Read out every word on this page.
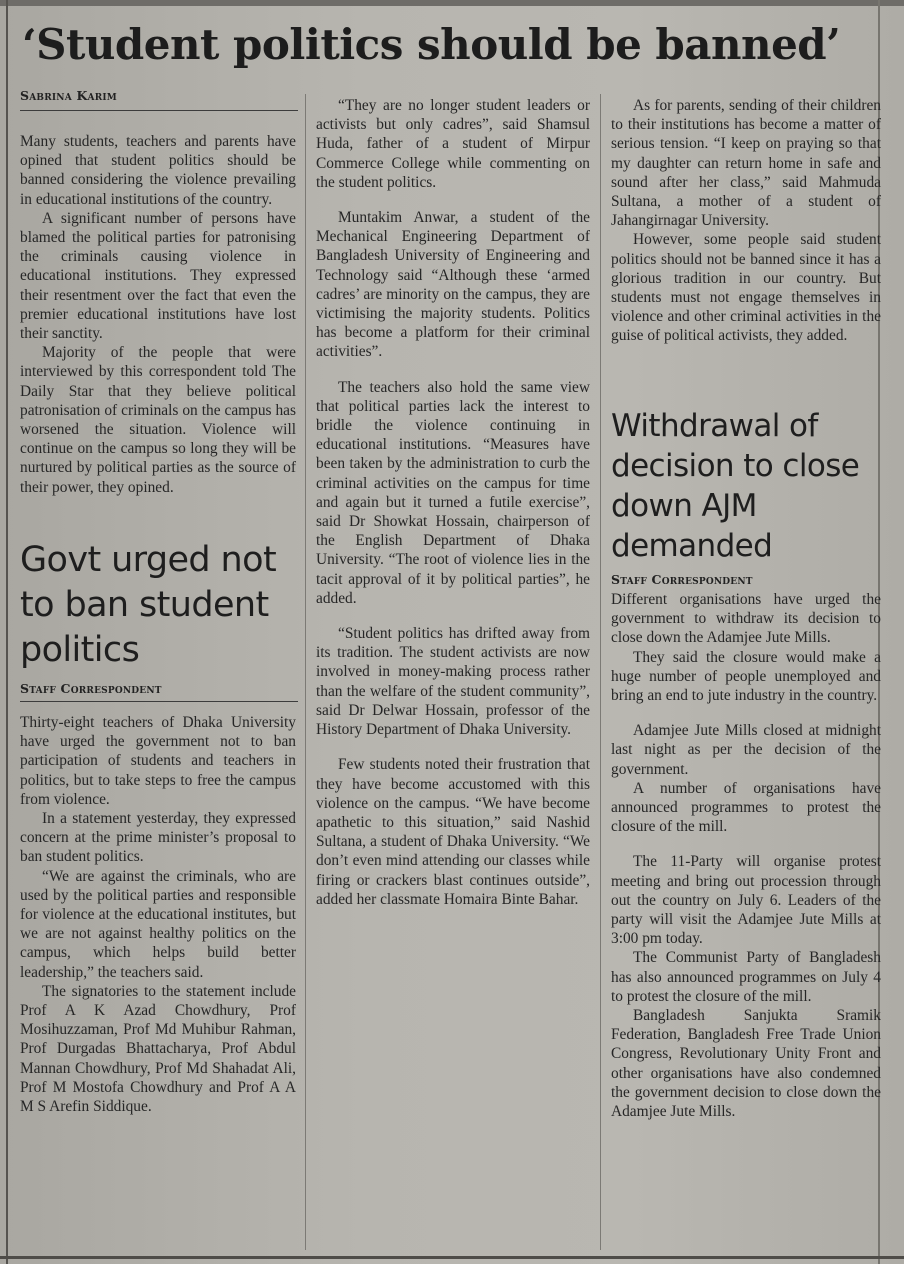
‘Student politics should be banned’
Sabrina Karim

Many students, teachers and parents have opined that student politics should be banned considering the violence prevailing in educational institutions of the country.

A significant number of persons have blamed the political parties for patronising the criminals causing violence in educational institutions. They expressed their resentment over the fact that even the premier educational institutions have lost their sanctity.

Majority of the people that were interviewed by this correspondent told The Daily Star that they believe political patronisation of criminals on the campus has worsened the situation. Violence will continue on the campus so long they will be nurtured by political parties as the source of their power, they opined.

“They are no longer student leaders or activists but only cadres”, said Shamsul Huda, father of a student of Mirpur Commerce College while commenting on the student politics.

Muntakim Anwar, a student of the Mechanical Engineering Department of Bangladesh University of Engineering and Technology said “Although these ‘armed cadres’ are minority on the campus, they are victimising the majority students. Politics has become a platform for their criminal activities”.

The teachers also hold the same view that political parties lack the interest to bridle the violence continuing in educational institutions. “Measures have been taken by the administration to curb the criminal activities on the campus for time and again but it turned a futile exercise”, said Dr Showkat Hossain, chairperson of the English Department of Dhaka University. “The root of violence lies in the tacit approval of it by political parties”, he added.

“Student politics has drifted away from its tradition. The student activists are now involved in money-making process rather than the welfare of the student community”, said Dr Delwar Hossain, professor of the History Department of Dhaka University.

Few students noted their frustration that they have become accustomed with this violence on the campus. “We have become apathetic to this situation,” said Nashid Sultana, a student of Dhaka University. “We don’t even mind attending our classes while firing or crackers blast continues outside”, added her classmate Homaira Binte Bahar.

As for parents, sending of their children to their institutions has become a matter of serious tension. “I keep on praying so that my daughter can return home in safe and sound after her class,” said Mahmuda Sultana, a mother of a student of Jahangirnagar University.

However, some people said student politics should not be banned since it has a glorious tradition in our country. But students must not engage themselves in violence and other criminal activities in the guise of political activists, they added.

Govt urged not to ban student politics
Staff Correspondent

Thirty-eight teachers of Dhaka University have urged the government not to ban participation of students and teachers in politics, but to take steps to free the campus from violence.

In a statement yesterday, they expressed concern at the prime minister’s proposal to ban student politics.

“We are against the criminals, who are used by the political parties and responsible for violence at the educational institutes, but we are not against healthy politics on the campus, which helps build better leadership,” the teachers said.

The signatories to the statement include Prof A K Azad Chowdhury, Prof Mosihuzzaman, Prof Md Muhibur Rahman, Prof Durgadas Bhattacharya, Prof Abdul Mannan Chowdhury, Prof Md Shahadat Ali, Prof M Mostofa Chowdhury and Prof A A M S Arefin Siddique.

Withdrawal of decision to close down AJM demanded
Staff Correspondent

Different organisations have urged the government to withdraw its decision to close down the Adamjee Jute Mills.

They said the closure would make a huge number of people unemployed and bring an end to jute industry in the country.

Adamjee Jute Mills closed at midnight last night as per the decision of the government.

A number of organisations have announced programmes to protest the closure of the mill.

The 11-Party will organise protest meeting and bring out procession through out the country on July 6. Leaders of the party will visit the Adamjee Jute Mills at 3:00 pm today.

The Communist Party of Bangladesh has also announced programmes on July 4 to protest the closure of the mill.

Bangladesh Sanjukta Sramik Federation, Bangladesh Free Trade Union Congress, Revolutionary Unity Front and other organisations have also condemned the government decision to close down the Adamjee Jute Mills.
